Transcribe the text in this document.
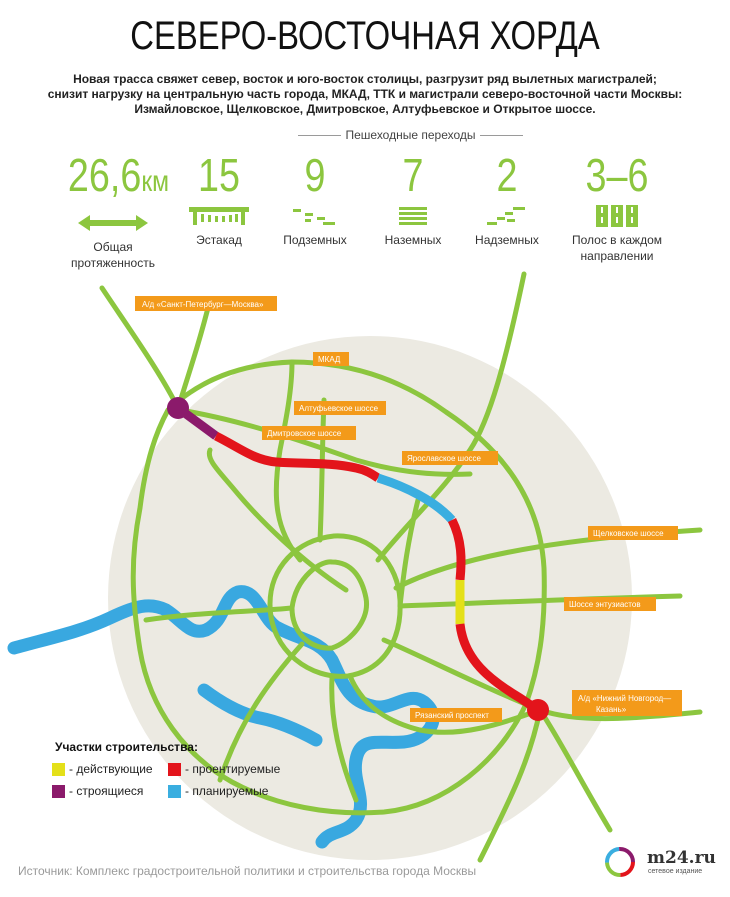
СЕВЕРО-ВОСТОЧНАЯ ХОРДА
Новая трасса свяжет север, восток и юго-восток столицы, разгрузит ряд вылетных магистралей;
снизит нагрузку на центральную часть города, МКАД, ТТК и магистрали северо-восточной части Москвы:
Измайловское, Щелковское, Дмитровское, Алтуфьевское и Открытое шоссе.
Пешеходные переходы
26,6км
Общая
протяженность
15
Эстакад
9
Подземных
7
Наземных
2
Надземных
3–6
Полос в каждом
направлении
А/д «Санкт-Петербург—Москва»
МКАД
Алтуфьевское шоссе
Дмитровское шоссе
Ярославское шоссе
Щелковское шоссе
Шоссе энтузиастов
А/д «Нижний Новгород—
Казань»
Рязанский проспект
Участки строительства:
- действующие	- проентируемые
- строящиеся	- планируемые
Источник: Комплекс градостроительной политики и строительства города Москвы
m24.ru
сетевое издание
